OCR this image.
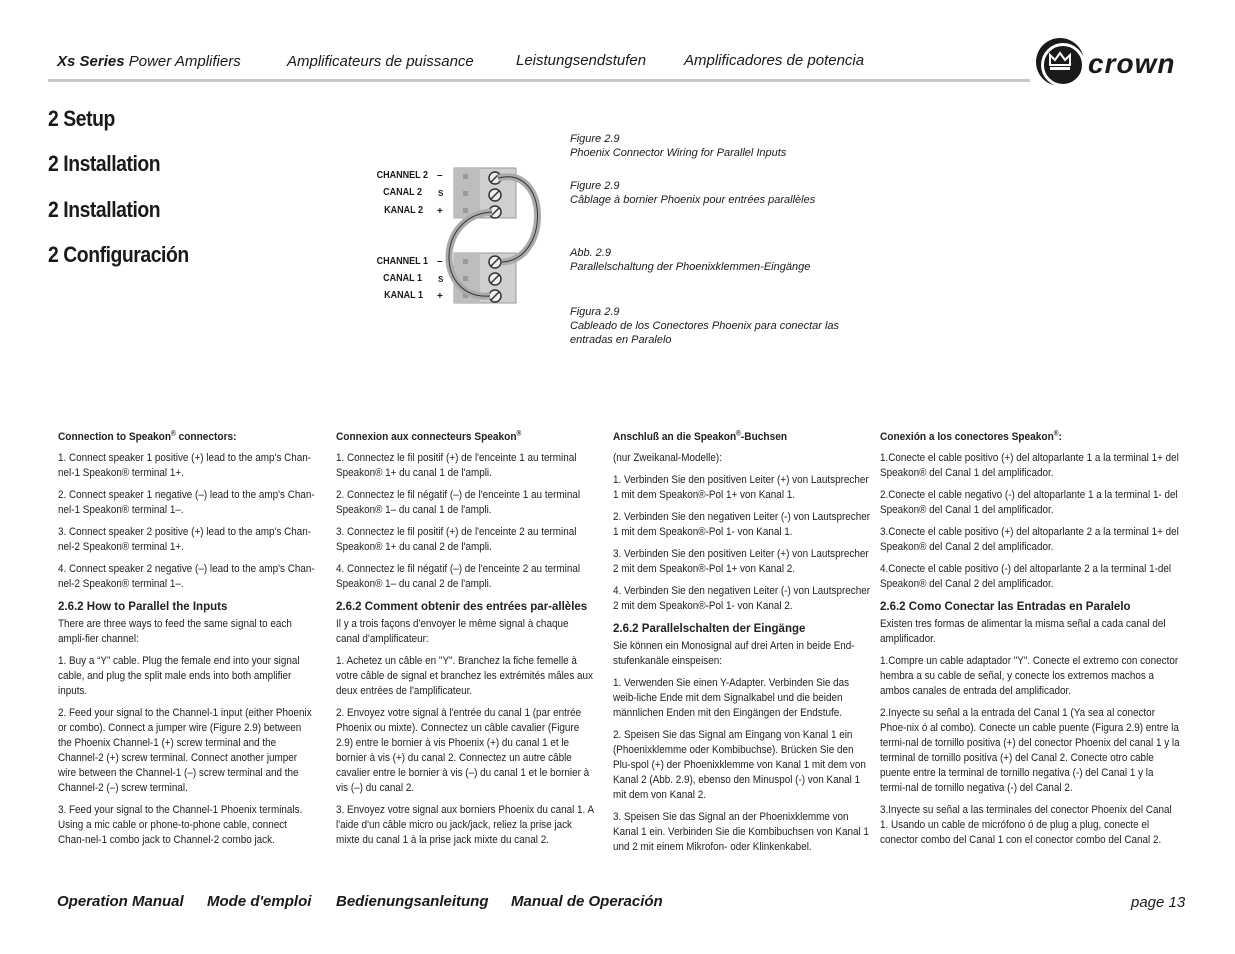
Xs Series Power Amplifiers	Amplificateurs de puissance	Leistungsendstufen	Amplificadores de potencia	crown
2 Setup
2 Installation
2 Installation
2 Configuración
CHANNEL 2
CANAL 2
KANAL 2
–
S
+
CHANNEL 1
CANAL 1
KANAL 1
–
S
+
Figure 2.9
Phoenix Connector Wiring for Parallel Inputs
Figure 2.9
Câblage à bornier Phoenix pour entrées parallèles
Abb. 2.9
Parallelschaltung der Phoenixklemmen-Eingänge
Figura 2.9
Cableado de los Conectores Phoenix para conectar las entradas en Paralelo
Connection to Speakon® connectors:

1. Connect speaker 1 positive (+) lead to the amp's Chan-nel-1 Speakon® terminal 1+.

2. Connect speaker 1 negative (–) lead to the amp's Chan-nel-1 Speakon® terminal 1–.

3. Connect speaker 2 positive (+) lead to the amp's Chan-nel-2 Speakon® terminal 1+.

4. Connect speaker 2 negative (–) lead to the amp's Chan-nel-2 Speakon® terminal 1–.

2.6.2 How to Parallel the Inputs

There are three ways to feed the same signal to each ampli-fier channel:

1. Buy a “Y” cable. Plug the female end into your signal cable, and plug the split male ends into both amplifier inputs.

2. Feed your signal to the Channel-1 input (either Phoenix or combo). Connect a jumper wire (Figure 2.9) between the Phoenix Channel-1 (+) screw terminal and the Channel-2 (+) screw terminal. Connect another jumper wire between the Channel-1 (–) screw terminal and the Channel-2 (–) screw terminal.

3. Feed your signal to the Channel-1 Phoenix terminals. Using a mic cable or phone-to-phone cable, connect Chan-nel-1 combo jack to Channel-2 combo jack.

Connexion aux connecteurs Speakon®

1. Connectez le fil positif (+) de l'enceinte 1 au terminal Speakon® 1+ du canal 1 de l'ampli.

2. Connectez le fil négatif (–) de l'enceinte 1 au terminal Speakon® 1– du canal 1 de l'ampli.

3. Connectez le fil positif (+) de l'enceinte 2 au terminal Speakon® 1+ du canal 2 de l'ampli.

4. Connectez le fil négatif (–) de l'enceinte 2 au terminal Speakon® 1– du canal 2 de l'ampli.

2.6.2 Comment obtenir des entrées par-allèles

Il y a trois façons d'envoyer le même signal à chaque canal d'amplificateur:

1. Achetez un câble en "Y". Branchez la fiche femelle à votre câble de signal et branchez les extrémités mâles aux deux entrées de l'amplificateur.

2. Envoyez votre signal à l'entrée du canal 1 (par entrée Phoenix ou mixte). Connectez un câble cavalier (Figure 2.9) entre le bornier à vis Phoenix (+) du canal 1 et le bornier à vis (+) du canal 2. Connectez un autre câble cavalier entre le bornier à vis (–) du canal 1 et le bornier à vis (–) du canal 2.

3. Envoyez votre signal aux borniers Phoenix du canal 1. A l'aide d'un câble micro ou jack/jack, reliez la prise jack mixte du canal 1 à la prise jack mixte du canal 2.

Anschluß an die Speakon®-Buchsen

(nur Zweikanal-Modelle):

1. Verbinden Sie den positiven Leiter (+) von Lautsprecher 1 mit dem Speakon®-Pol 1+ von Kanal 1.

2. Verbinden Sie den negativen Leiter (-) von Lautsprecher 1 mit dem Speakon®-Pol 1- von Kanal 1.

3. Verbinden Sie den positiven Leiter (+) von Lautsprecher 2 mit dem Speakon®-Pol 1+ von Kanal 2.

4. Verbinden Sie den negativen Leiter (-) von Lautsprecher 2 mit dem Speakon®-Pol 1- von Kanal 2.

2.6.2 Parallelschalten der Eingänge

Sie können ein Monosignal auf drei Arten in beide End-stufenkanäle einspeisen:

1. Verwenden Sie einen Y-Adapter. Verbinden Sie das weib-liche Ende mit dem Signalkabel und die beiden männlichen Enden mit den Eingängen der Endstufe.

2. Speisen Sie das Signal am Eingang von Kanal 1 ein (Phoenixklemme oder Kombibuchse). Brücken Sie den Plu-spol (+) der Phoenixklemme von Kanal 1 mit dem von Kanal 2 (Abb. 2.9), ebenso den Minuspol (-) von Kanal 1 mit dem von Kanal 2.

3. Speisen Sie das Signal an der Phoenixklemme von Kanal 1 ein. Verbinden Sie die Kombibuchsen von Kanal 1 und 2 mit einem Mikrofon- oder Klinkenkabel.

Conexión a los conectores Speakon®:

1.Conecte el cable positivo (+) del altoparlante 1 a la terminal 1+ del Speakon® del Canal 1 del amplificador.

2.Conecte el cable negativo (-) del altoparlante 1 a la terminal 1- del Speakon® del Canal 1 del amplificador.

3.Conecte el cable positivo (+) del altoparlante 2 a la terminal 1+ del Speakon® del Canal 2 del amplificador.

4.Conecte el cable positivo (-) del altoparlante 2 a la terminal 1-del Speakon® del Canal 2 del amplificador.

2.6.2 Como Conectar las Entradas en Paralelo

Existen tres formas de alimentar la misma señal a cada canal del amplificador.

1.Compre un cable adaptador "Y". Conecte el extremo con conector hembra a su cable de señal, y conecte los extremos machos a ambos canales de entrada del amplificador.

2.Inyecte su señal a la entrada del Canal 1 (Ya sea al conector Phoe-nix ó al combo). Conecte un cable puente (Figura 2.9) entre la termi-nal de tornillo positiva (+) del conector Phoenix del canal 1 y la terminal de tornillo positiva (+) del Canal 2. Conecte otro cable puente entre la terminal de tornillo negativa (-) del Canal 1 y la termi-nal de tornillo negativa (-) del Canal 2.

3.Inyecte su señal a las terminales del conector Phoenix del Canal 1. Usando un cable de micrófono ó de plug a plug, conecte el conector combo del Canal 1 con el conector combo del Canal 2.

Operation Manual Mode d'emploi Bedienungsanleitung Manual de Operación	page 13
